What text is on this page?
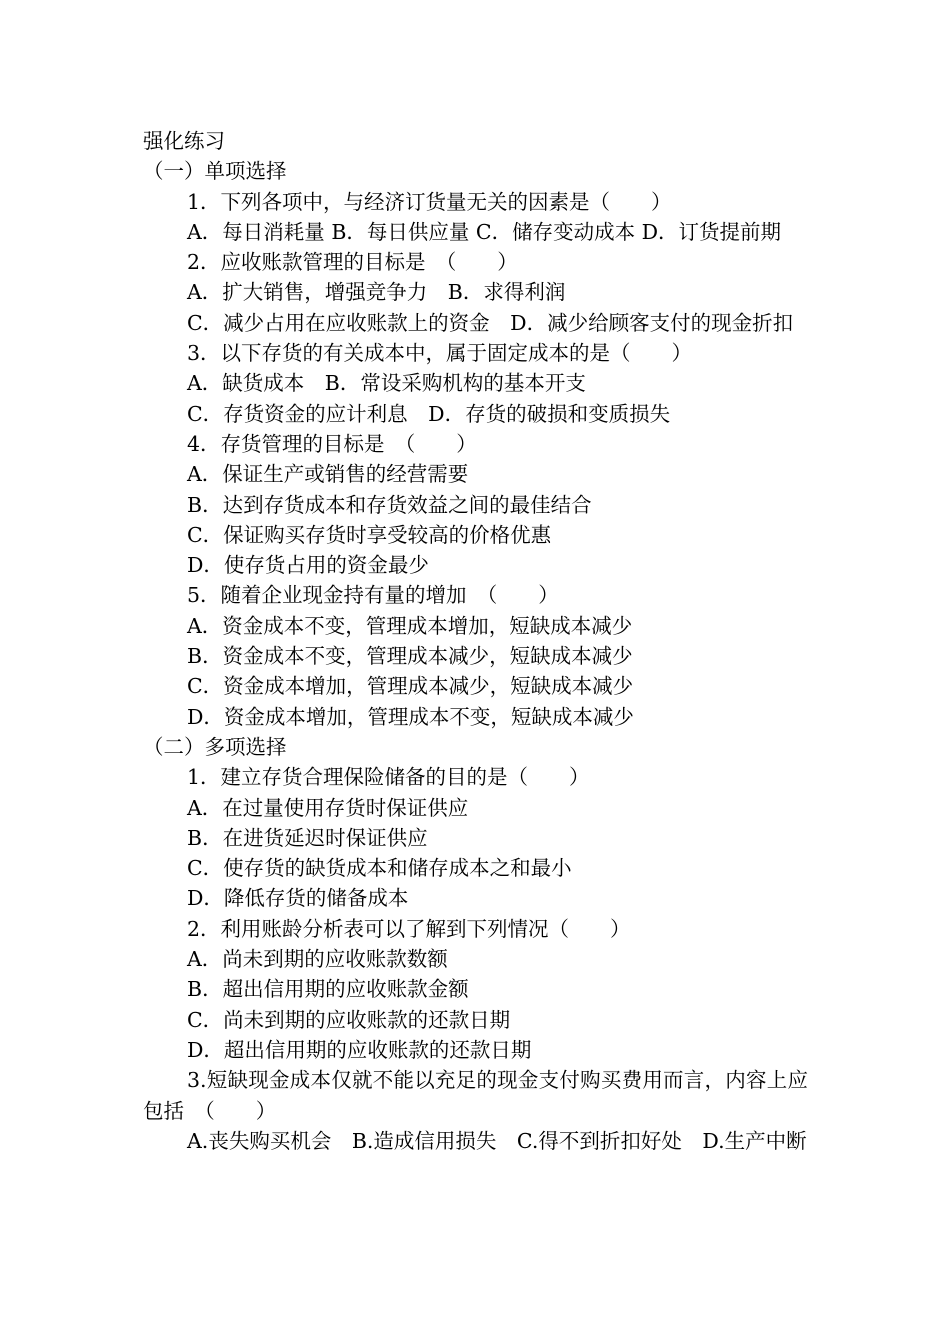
强化练习
（一）单项选择
1．下列各项中，与经济订货量无关的因素是（　　）
A．每日消耗量 B．每日供应量 C．储存变动成本 D．订货提前期
2．应收账款管理的目标是　（　　）
A．扩大销售，增强竞争力　B．求得利润
C．减少占用在应收账款上的资金　D．减少给顾客支付的现金折扣
3．以下存货的有关成本中，属于固定成本的是（　　）
A．缺货成本　B．常设采购机构的基本开支
C．存货资金的应计利息　D．存货的破损和变质损失
4．存货管理的目标是　（　　）
A．保证生产或销售的经营需要
B．达到存货成本和存货效益之间的最佳结合
C．保证购买存货时享受较高的价格优惠
D．使存货占用的资金最少
5．随着企业现金持有量的增加　（　　）
A．资金成本不变，管理成本增加，短缺成本减少
B．资金成本不变，管理成本减少，短缺成本减少
C．资金成本增加，管理成本减少，短缺成本减少
D．资金成本增加，管理成本不变，短缺成本减少
（二）多项选择
1．建立存货合理保险储备的目的是（　　）
A．在过量使用存货时保证供应
B．在进货延迟时保证供应
C．使存货的缺货成本和储存成本之和最小
D．降低存货的储备成本
2．利用账龄分析表可以了解到下列情况（　　）
A．尚未到期的应收账款数额
B．超出信用期的应收账款金额
C．尚未到期的应收账款的还款日期
D．超出信用期的应收账款的还款日期
3.短缺现金成本仅就不能以充足的现金支付购买费用而言，内容上应包括　（　　）
A.丧失购买机会　B.造成信用损失　C.得不到折扣好处　D.生产中断
